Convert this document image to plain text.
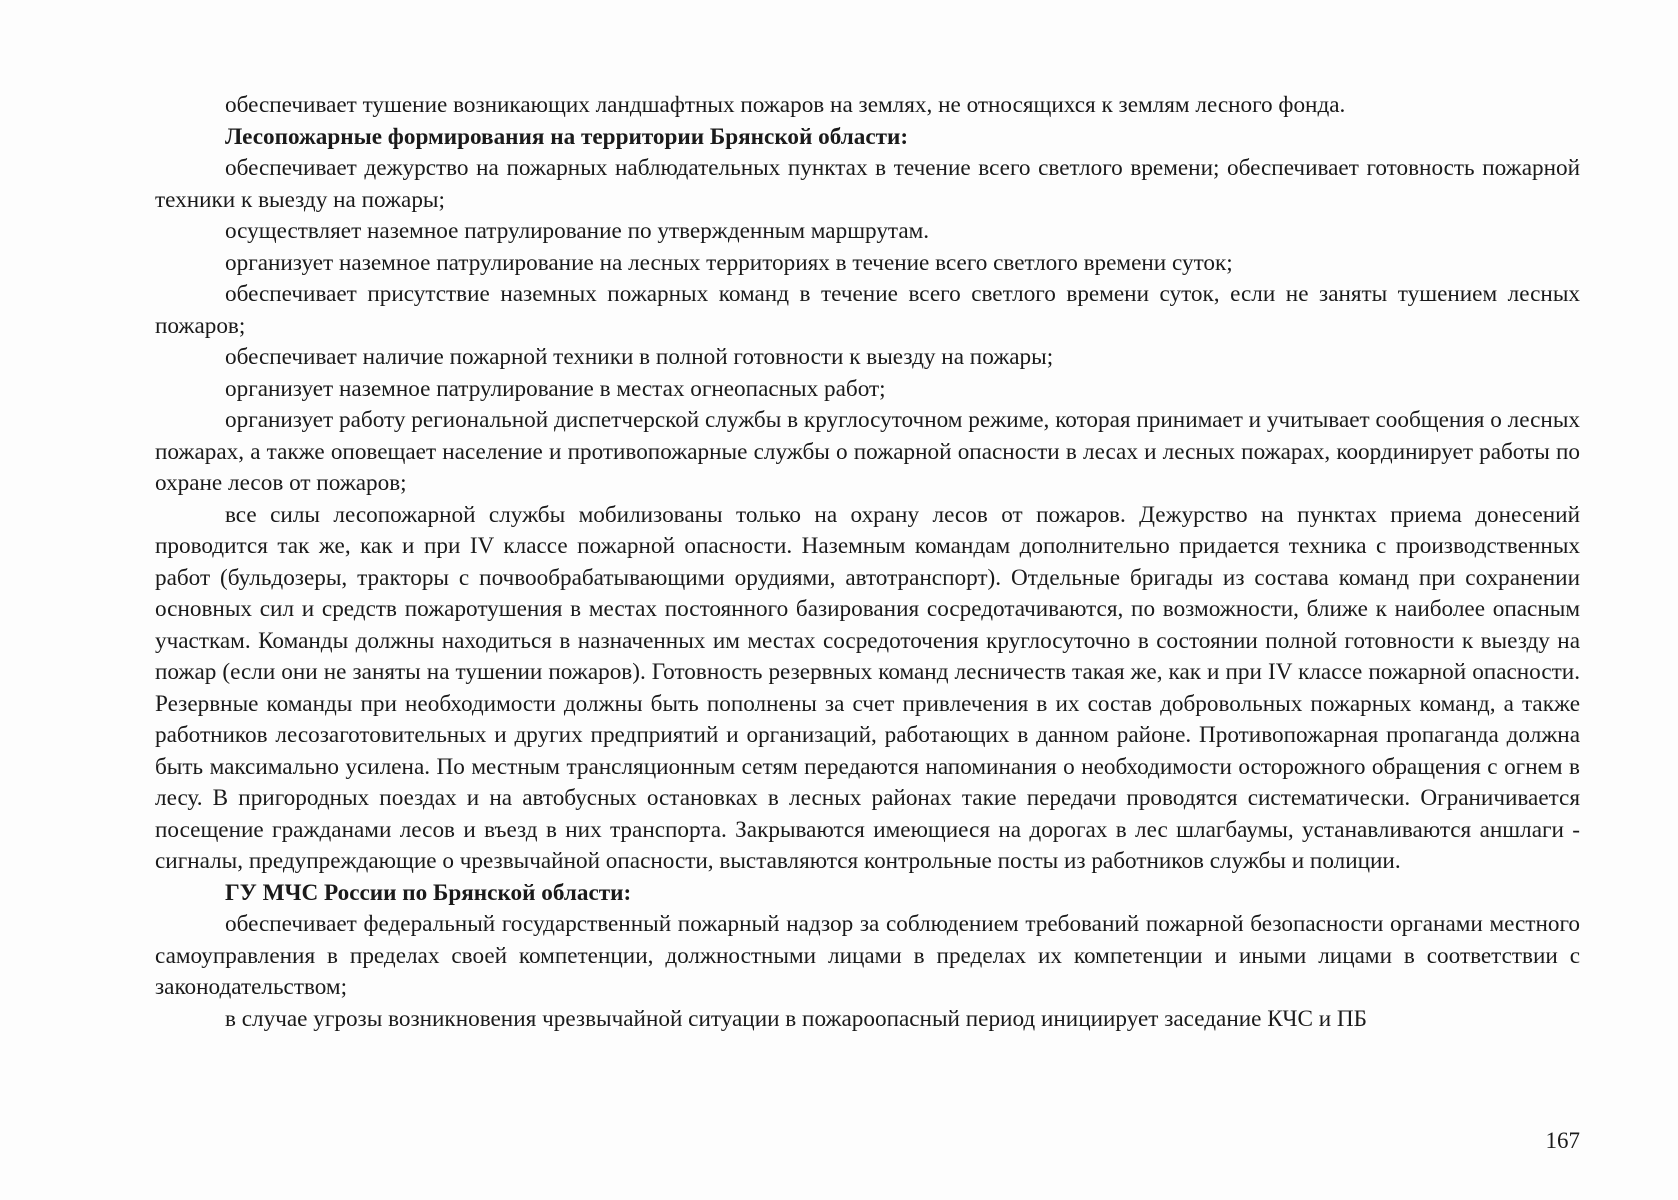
обеспечивает тушение возникающих ландшафтных пожаров на землях, не относящихся к землям лесного фонда.

Лесопожарные формирования на территории Брянской области:

обеспечивает дежурство на пожарных наблюдательных пунктах в течение всего светлого времени; обеспечивает готовность пожарной техники к выезду на пожары;

осуществляет наземное патрулирование по утвержденным маршрутам.

организует наземное патрулирование на лесных территориях в течение всего светлого времени суток;

обеспечивает присутствие наземных пожарных команд в течение всего светлого времени суток, если не заняты тушением лесных пожаров;

обеспечивает наличие пожарной техники в полной готовности к выезду на пожары;

организует наземное патрулирование в местах огнеопасных работ;

организует работу региональной диспетчерской службы в круглосуточном режиме, которая принимает и учитывает сообщения о лесных пожарах, а также оповещает население и противопожарные службы о пожарной опасности в лесах и лесных пожарах, координирует работы по охране лесов от пожаров;

все силы лесопожарной службы мобилизованы только на охрану лесов от пожаров. Дежурство на пунктах приема донесений проводится так же, как и при IV классе пожарной опасности. Наземным командам дополнительно придается техника с производственных работ (бульдозеры, тракторы с почвообрабатывающими орудиями, автотранспорт). Отдельные бригады из состава команд при сохранении основных сил и средств пожаротушения в местах постоянного базирования сосредотачиваются, по возможности, ближе к наиболее опасным участкам. Команды должны находиться в назначенных им местах сосредоточения круглосуточно в состоянии полной готовности к выезду на пожар (если они не заняты на тушении пожаров). Готовность резервных команд лесничеств такая же, как и при IV классе пожарной опасности. Резервные команды при необходимости должны быть пополнены за счет привлечения в их состав добровольных пожарных команд, а также работников лесозаготовительных и других предприятий и организаций, работающих в данном районе. Противопожарная пропаганда должна быть максимально усилена. По местным трансляционным сетям передаются напоминания о необходимости осторожного обращения с огнем в лесу. В пригородных поездах и на автобусных остановках в лесных районах такие передачи проводятся систематически. Ограничивается посещение гражданами лесов и въезд в них транспорта. Закрываются имеющиеся на дорогах в лес шлагбаумы, устанавливаются аншлаги - сигналы, предупреждающие о чрезвычайной опасности, выставляются контрольные посты из работников службы и полиции.

ГУ МЧС России по Брянской области:

обеспечивает федеральный государственный пожарный надзор за соблюдением требований пожарной безопасности органами местного самоуправления в пределах своей компетенции, должностными лицами в пределах их компетенции и иными лицами в соответствии с законодательством;

в случае угрозы возникновения чрезвычайной ситуации в пожароопасный период инициирует заседание КЧС и ПБ

167
